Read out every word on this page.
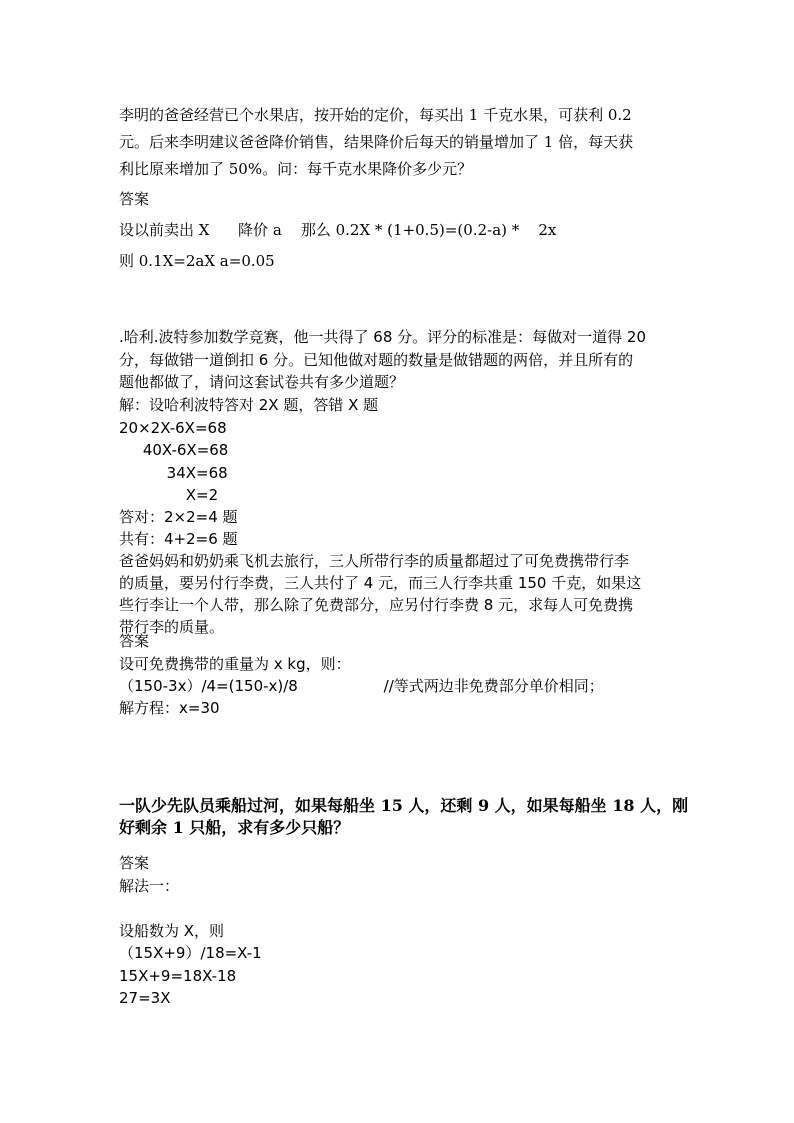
李明的爸爸经营已个水果店，按开始的定价，每买出 1 千克水果，可获利 0.2
元。后来李明建议爸爸降价销售，结果降价后每天的销量增加了 1 倍，每天获
利比原来增加了 50%。问：每千克水果降价多少元？
答案
设以前卖出 X      降价 a    那么 0.2X * (1+0.5)=(0.2-a) *    2x
则 0.1X=2aX a=0.05
.哈利.波特参加数学竞赛，他一共得了 68 分。评分的标准是：每做对一道得 20
分，每做错一道倒扣 6 分。已知他做对题的数量是做错题的两倍，并且所有的
题他都做了，请问这套试卷共有多少道题？
解：设哈利波特答对 2X 题，答错 X 题
20×2X-6X=68
40X-6X=68
34X=68
X=2
答对：2×2=4 题
共有：4+2=6 题
爸爸妈妈和奶奶乘飞机去旅行，三人所带行李的质量都超过了可免费携带行李
的质量，要另付行李费，三人共付了 4 元，而三人行李共重 150 千克，如果这
些行李让一个人带，那么除了免费部分，应另付行李费 8 元，求每人可免费携
带行李的质量。
答案
设可免费携带的重量为 x kg，则：
（150-3x）/4=(150-x)/8                  //等式两边非免费部分单价相同；
解方程：x=30
一队少先队员乘船过河，如果每船坐 15 人，还剩 9 人，如果每船坐 18 人，刚
好剩余 1 只船，求有多少只船？
答案
解法一：
设船数为 X，则
（15X+9）/18=X-1
15X+9=18X-18
27=3X
